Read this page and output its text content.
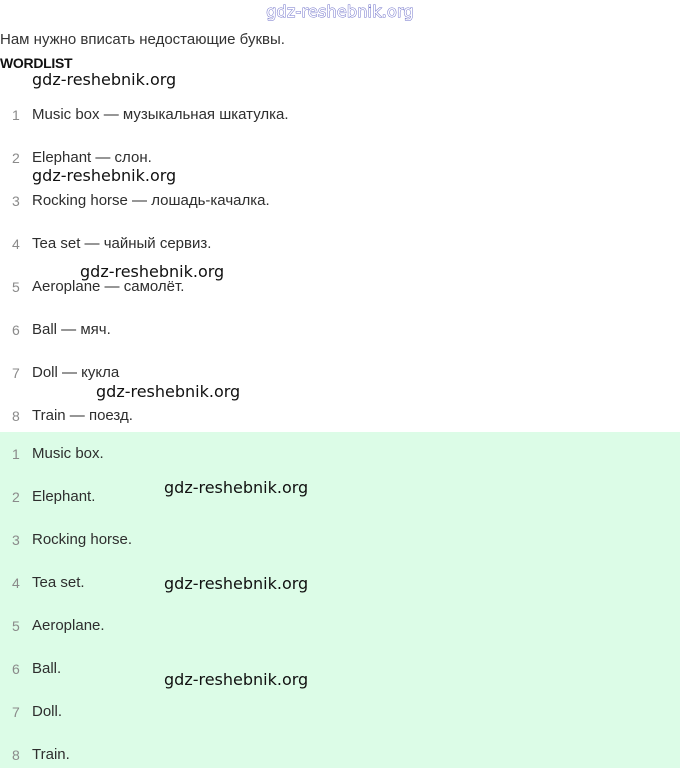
gdz-reshebnik.org
Нам нужно вписать недостающие буквы.
WORDLIST
1 Music box — музыкальная шкатулка.
2 Elephant — слон.
3 Rocking horse — лошадь-качалка.
4 Tea set — чайный сервиз.
5 Aeroplane — самолёт.
6 Ball — мяч.
7 Doll — кукла
8 Train — поезд.
1 Music box.
2 Elephant.
3 Rocking horse.
4 Tea set.
5 Aeroplane.
6 Ball.
7 Doll.
8 Train.
gdz-reshebnik.org
gdz-reshebnik.org
gdz-reshebnik.org
gdz-reshebnik.org
gdz-reshebnik.org
gdz-reshebnik.org
gdz-reshebnik.org
